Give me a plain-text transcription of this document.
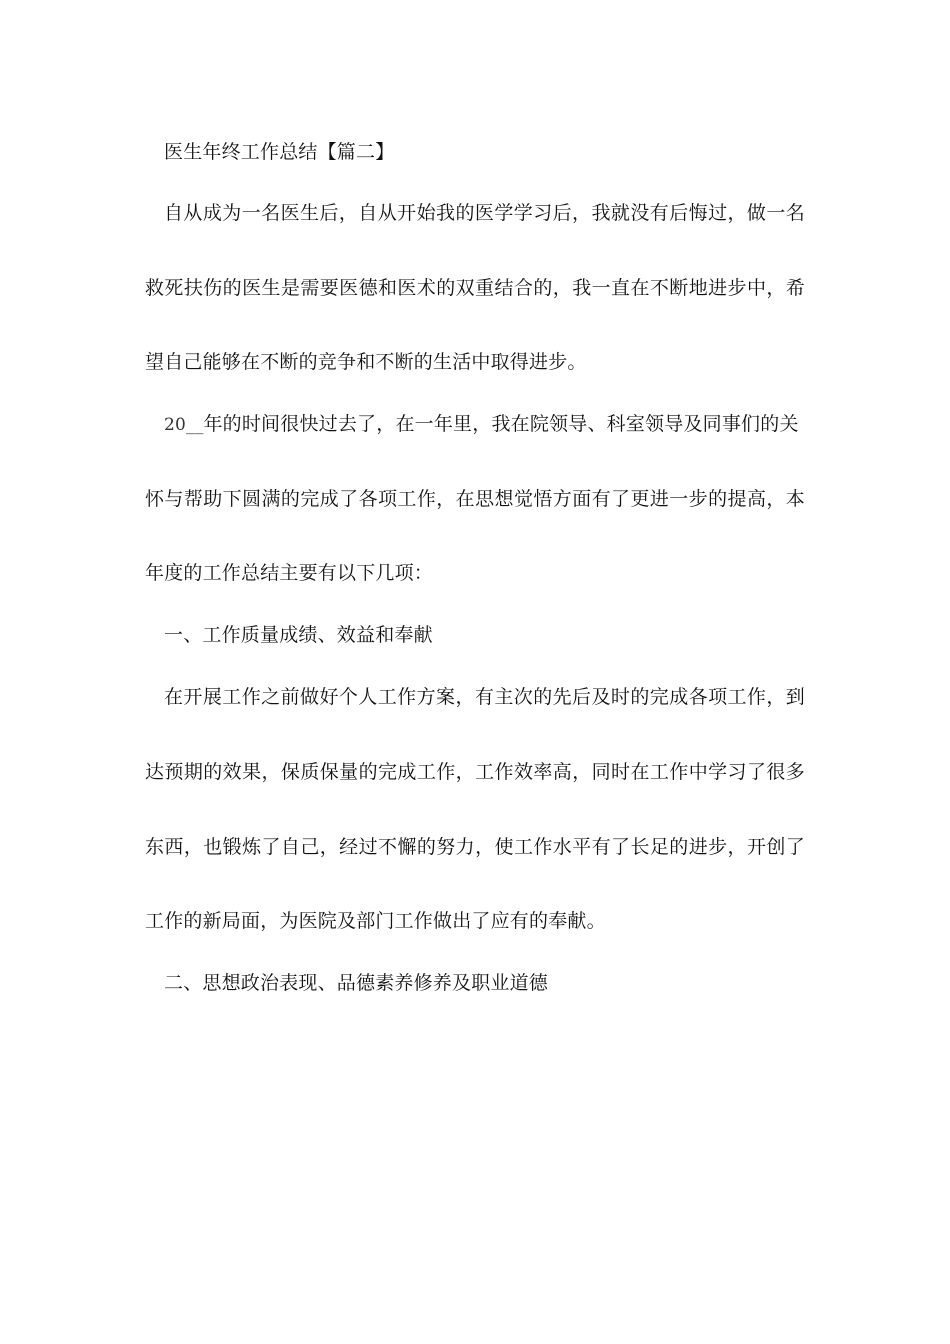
医生年终工作总结【篇二】
自从成为一名医生后，自从开始我的医学学习后，我就没有后悔过，做一名
救死扶伤的医生是需要医德和医术的双重结合的，我一直在不断地进步中，希
望自己能够在不断的竞争和不断的生活中取得进步。
20__年的时间很快过去了，在一年里，我在院领导、科室领导及同事们的关
怀与帮助下圆满的完成了各项工作，在思想觉悟方面有了更进一步的提高，本
年度的工作总结主要有以下几项：
一、工作质量成绩、效益和奉献
在开展工作之前做好个人工作方案，有主次的先后及时的完成各项工作，到
达预期的效果，保质保量的完成工作，工作效率高，同时在工作中学习了很多
东西，也锻炼了自己，经过不懈的努力，使工作水平有了长足的进步，开创了
工作的新局面，为医院及部门工作做出了应有的奉献。
二、思想政治表现、品德素养修养及职业道德
